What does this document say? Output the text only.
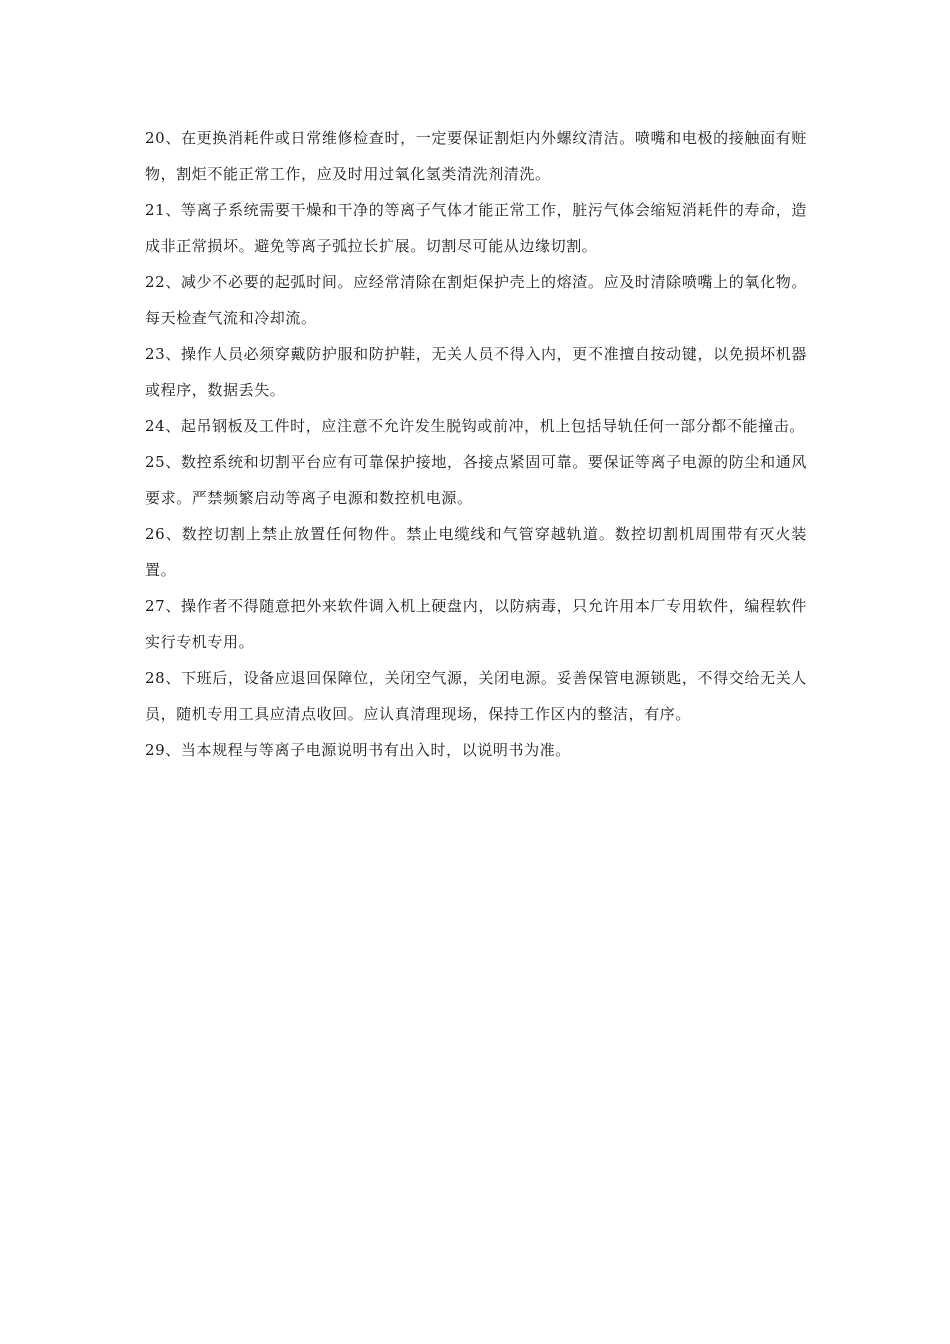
20、在更换消耗件或日常维修检查时，一定要保证割炬内外螺纹清洁。喷嘴和电极的接触面有赃物，割炬不能正常工作，应及时用过氧化氢类清洗剂清洗。

21、等离子系统需要干燥和干净的等离子气体才能正常工作，脏污气体会缩短消耗件的寿命，造成非正常损坏。避免等离子弧拉长扩展。切割尽可能从边缘切割。

22、减少不必要的起弧时间。应经常清除在割炬保护壳上的熔渣。应及时清除喷嘴上的氧化物。每天检查气流和冷却流。

23、操作人员必须穿戴防护服和防护鞋，无关人员不得入内，更不准擅自按动键，以免损坏机器或程序，数据丢失。

24、起吊钢板及工件时，应注意不允许发生脱钩或前冲，机上包括导轨任何一部分都不能撞击。

25、数控系统和切割平台应有可靠保护接地，各接点紧固可靠。要保证等离子电源的防尘和通风要求。严禁频繁启动等离子电源和数控机电源。

26、数控切割上禁止放置任何物件。禁止电缆线和气管穿越轨道。数控切割机周围带有灭火装置。

27、操作者不得随意把外来软件调入机上硬盘内，以防病毒，只允许用本厂专用软件，编程软件实行专机专用。

28、下班后，设备应退回保障位，关闭空气源，关闭电源。妥善保管电源锁匙，不得交给无关人员，随机专用工具应清点收回。应认真清理现场，保持工作区内的整洁，有序。

29、当本规程与等离子电源说明书有出入时，以说明书为准。
